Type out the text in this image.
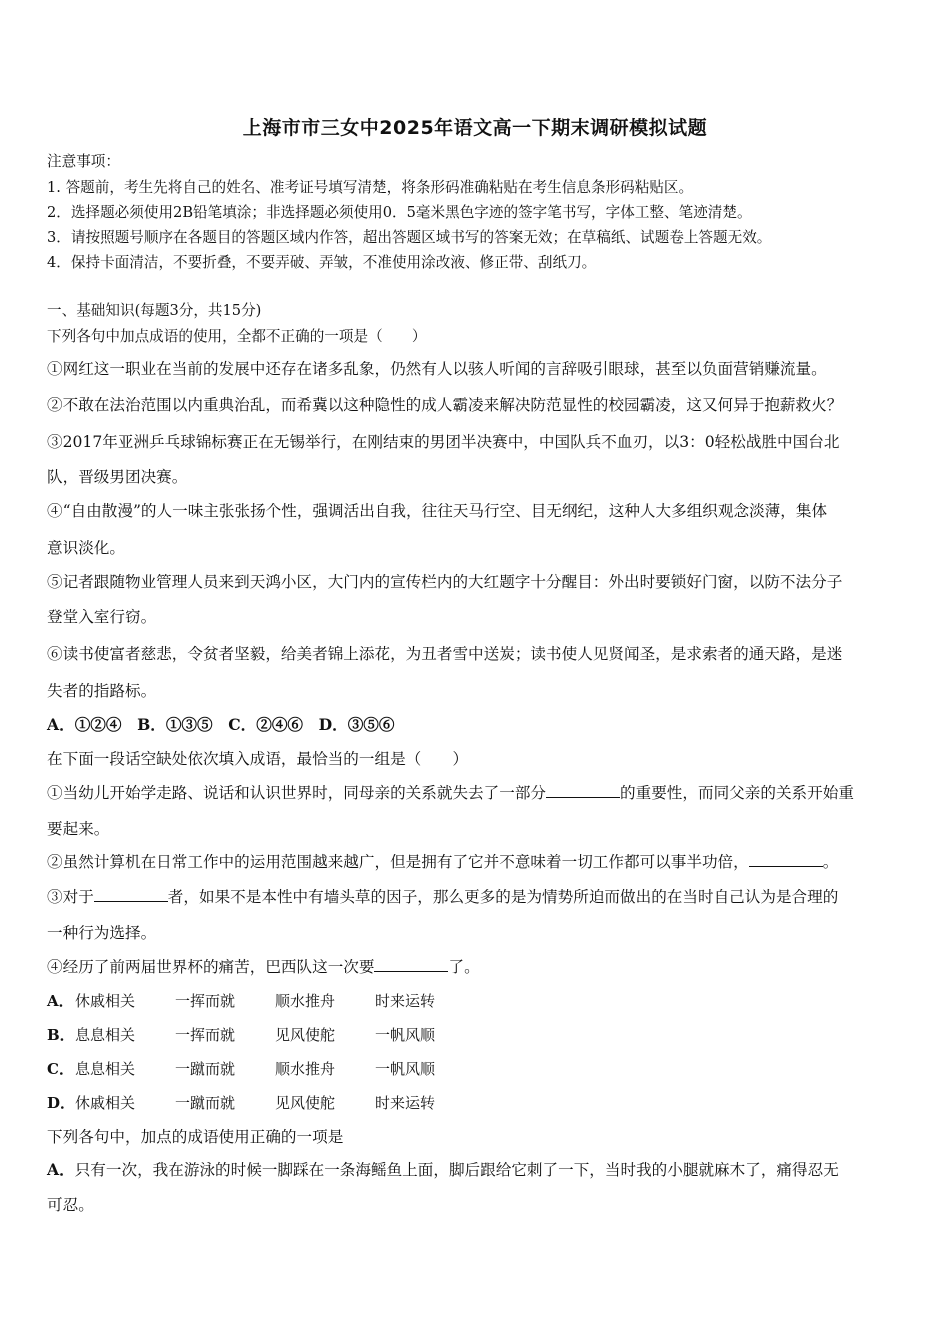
上海市市三女中2025年语文高一下期末调研模拟试题
注意事项：
1. 答题前，考生先将自己的姓名、准考证号填写清楚，将条形码准确粘贴在考生信息条形码粘贴区。
2．选择题必须使用2B铅笔填涂；非选择题必须使用0．5毫米黑色字迹的签字笔书写，字体工整、笔迹清楚。
3．请按照题号顺序在各题目的答题区域内作答，超出答题区域书写的答案无效；在草稿纸、试题卷上答题无效。
4．保持卡面清洁，不要折叠，不要弄破、弄皱，不准使用涂改液、修正带、刮纸刀。
一、基础知识(每题3分，共15分)
下列各句中加点成语的使用，全都不正确的一项是（　　）
①网红这一职业在当前的发展中还存在诸多乱象，仍然有人以骇人听闻的言辞吸引眼球，甚至以负面营销赚流量。
②不敢在法治范围以内重典治乱，而希冀以这种隐性的成人霸凌来解决防范显性的校园霸凌，这又何异于抱薪救火？
③2017年亚洲乒乓球锦标赛正在无锡举行，在刚结束的男团半决赛中，中国队兵不血刃，以3：0轻松战胜中国台北
队，晋级男团决赛。
④“自由散漫”的人一味主张张扬个性，强调活出自我，往往天马行空、目无纲纪，这种人大多组织观念淡薄，集体
意识淡化。
⑤记者跟随物业管理人员来到天鸿小区，大门内的宣传栏内的大红题字十分醒目：外出时要锁好门窗，以防不法分子
登堂入室行窃。
⑥读书使富者慈悲，令贫者坚毅，给美者锦上添花，为丑者雪中送炭；读书使人见贤闻圣，是求索者的通天路，是迷
失者的指路标。
A．①②④　B．①③⑤　C．②④⑥　D．③⑤⑥
在下面一段话空缺处依次填入成语，最恰当的一组是（　　）
①当幼儿开始学走路、说话和认识世界时，同母亲的关系就失去了一部分	的重要性，而同父亲的关系开始重
要起来。
②虽然计算机在日常工作中的运用范围越来越广，但是拥有了它并不意味着一切工作都可以事半功倍，	。
③对于	者，如果不是本性中有墙头草的因子，那么更多的是为情势所迫而做出的在当时自己认为是合理的
一种行为选择。
④经历了前两届世界杯的痛苦，巴西队这一次要	了。
A．休戚相关	一挥而就	顺水推舟	时来运转
B．息息相关	一挥而就	见风使舵	一帆风顺
C．息息相关	一蹴而就	顺水推舟	一帆风顺
D．休戚相关	一蹴而就	见风使舵	时来运转
下列各句中，加点的成语使用正确的一项是
A．只有一次，我在游泳的时候一脚踩在一条海鳐鱼上面，脚后跟给它刺了一下，当时我的小腿就麻木了，痛得忍无
可忍。
